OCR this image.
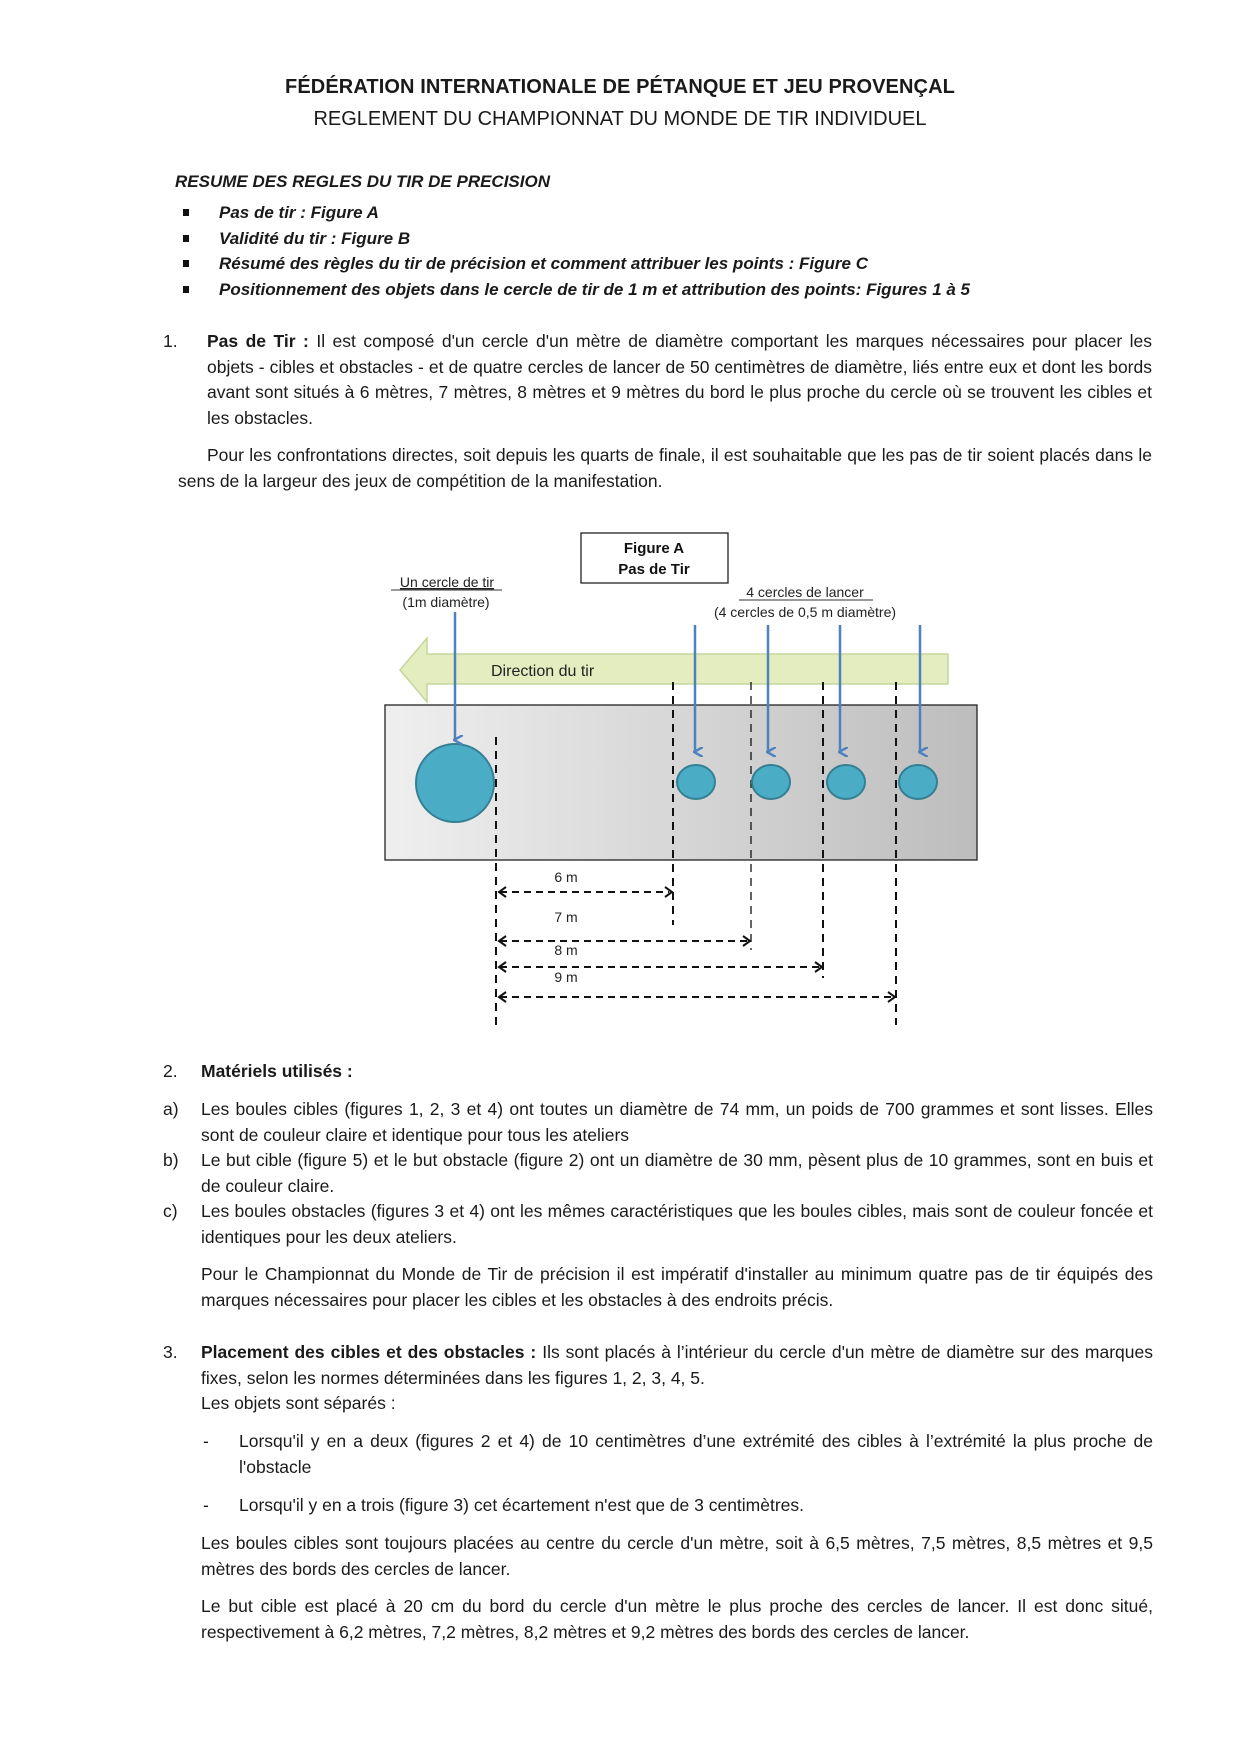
FÉDÉRATION INTERNATIONALE DE PÉTANQUE ET JEU PROVENÇAL
REGLEMENT DU CHAMPIONNAT DU MONDE DE TIR INDIVIDUEL
RESUME DES REGLES DU TIR DE PRECISION
Pas de tir : Figure A
Validité du tir : Figure B
Résumé des règles du tir de précision et comment attribuer les points : Figure C
Positionnement des objets dans le cercle de tir de 1 m et attribution des points: Figures 1 à 5
1. Pas de Tir : Il est composé d'un cercle d'un mètre de diamètre comportant les marques nécessaires pour placer les objets - cibles et obstacles - et de quatre cercles de lancer de 50 centimètres de diamètre, liés entre eux et dont les bords avant sont situés à 6 mètres, 7 mètres, 8 mètres et 9 mètres du bord le plus proche du cercle où se trouvent les cibles et les obstacles.
Pour les confrontations directes, soit depuis les quarts de finale, il est souhaitable que les pas de tir soient placés dans le sens de la largeur des jeux de compétition de la manifestation.
Figure A
Pas de Tir
Un cercle de tir
(1m diamètre)
4 cercles de lancer
(4 cercles de 0,5 m diamètre)
Direction du tir
6 m
7 m
8 m
9 m
2. Matériels utilisés :
a) Les boules cibles (figures 1, 2, 3 et 4) ont toutes un diamètre de 74 mm, un poids de 700 grammes et sont lisses. Elles sont de couleur claire et identique pour tous les ateliers
b) Le but cible (figure 5) et le but obstacle (figure 2) ont un diamètre de 30 mm, pèsent plus de 10 grammes, sont en buis et de couleur claire.
c) Les boules obstacles (figures 3 et 4) ont les mêmes caractéristiques que les boules cibles, mais sont de couleur foncée et identiques pour les deux ateliers.
Pour le Championnat du Monde de Tir de précision il est impératif d'installer au minimum quatre pas de tir équipés des marques nécessaires pour placer les cibles et les obstacles à des endroits précis.
3. Placement des cibles et des obstacles : Ils sont placés à l’intérieur du cercle d'un mètre de diamètre sur des marques fixes, selon les normes déterminées dans les figures 1, 2, 3, 4, 5.
Les objets sont séparés :
- Lorsqu'il y en a deux (figures 2 et 4) de 10 centimètres d’une extrémité des cibles à l’extrémité la plus proche de l'obstacle
- Lorsqu'il y en a trois (figure 3) cet écartement n'est que de 3 centimètres.
Les boules cibles sont toujours placées au centre du cercle d'un mètre, soit à 6,5 mètres, 7,5 mètres, 8,5 mètres et 9,5 mètres des bords des cercles de lancer.
Le but cible est placé à 20 cm du bord du cercle d'un mètre le plus proche des cercles de lancer. Il est donc situé, respectivement à 6,2 mètres, 7,2 mètres, 8,2 mètres et 9,2 mètres des bords des cercles de lancer.
